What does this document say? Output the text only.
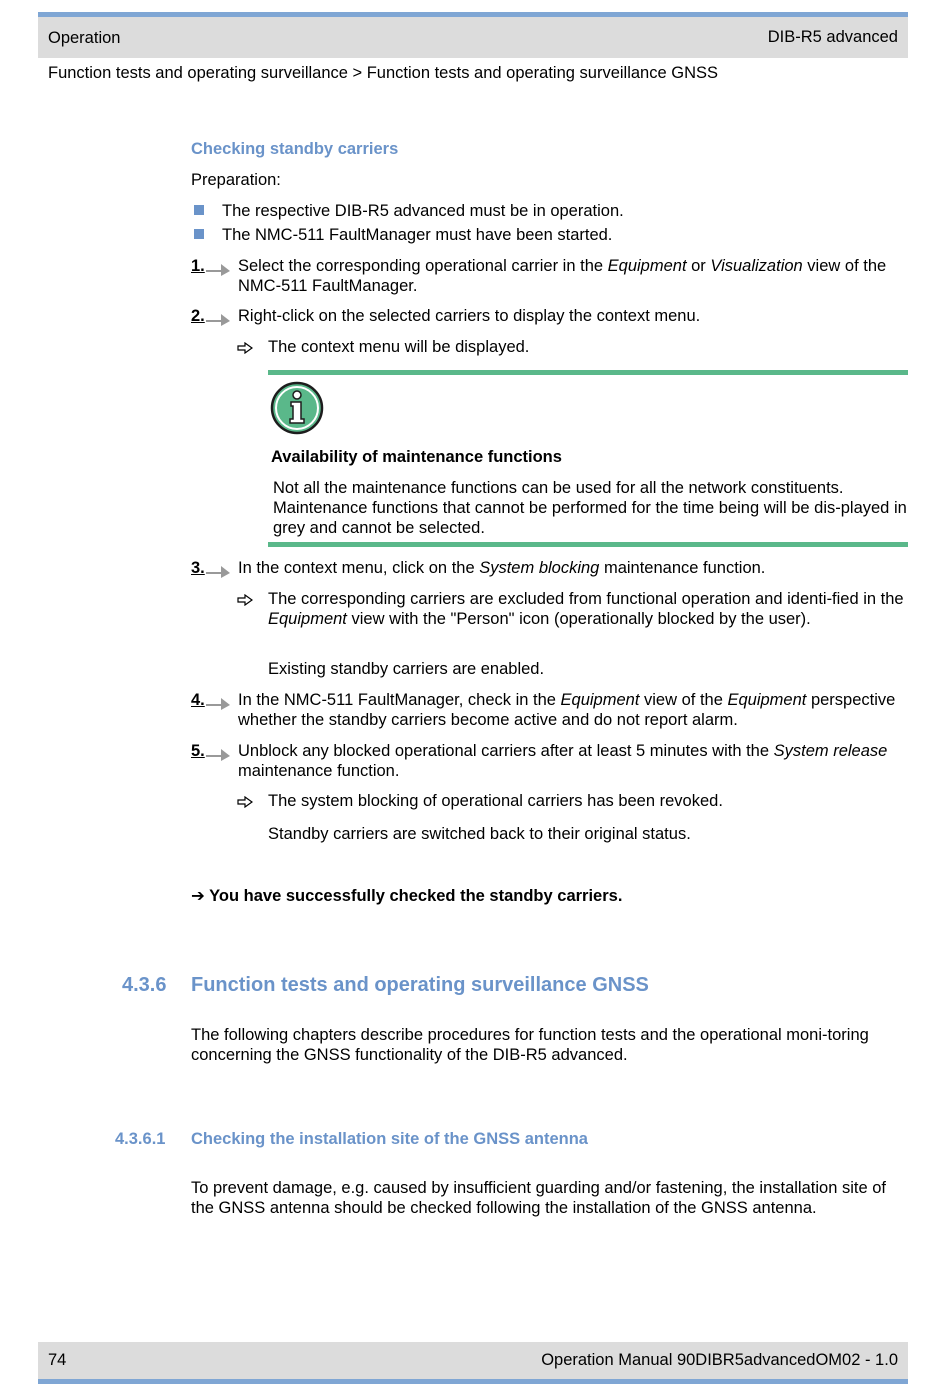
Operation	DIB-R5 advanced
Function tests and operating surveillance > Function tests and operating surveillance GNSS
Checking standby carriers
Preparation:
The respective DIB-R5 advanced must be in operation.
The NMC-511 FaultManager must have been started.
1. Select the corresponding operational carrier in the Equipment or Visualization view of the NMC-511 FaultManager.
2. Right-click on the selected carriers to display the context menu.
The context menu will be displayed.
Availability of maintenance functions
Not all the maintenance functions can be used for all the network constituents. Maintenance functions that cannot be performed for the time being will be dis-played in grey and cannot be selected.
3. In the context menu, click on the System blocking maintenance function.
The corresponding carriers are excluded from functional operation and identi-fied in the Equipment view with the "Person" icon (operationally blocked by the user).
Existing standby carriers are enabled.
4. In the NMC-511 FaultManager, check in the Equipment view of the Equipment perspective whether the standby carriers become active and do not report alarm.
5. Unblock any blocked operational carriers after at least 5 minutes with the System release maintenance function.
The system blocking of operational carriers has been revoked.
Standby carriers are switched back to their original status.
➔ You have successfully checked the standby carriers.
4.3.6 Function tests and operating surveillance GNSS
The following chapters describe procedures for function tests and the operational moni-toring concerning the GNSS functionality of the DIB-R5 advanced.
4.3.6.1 Checking the installation site of the GNSS antenna
To prevent damage, e.g. caused by insufficient guarding and/or fastening, the installation site of the GNSS antenna should be checked following the installation of the GNSS antenna.
74	Operation Manual 90DIBR5advancedOM02 - 1.0
